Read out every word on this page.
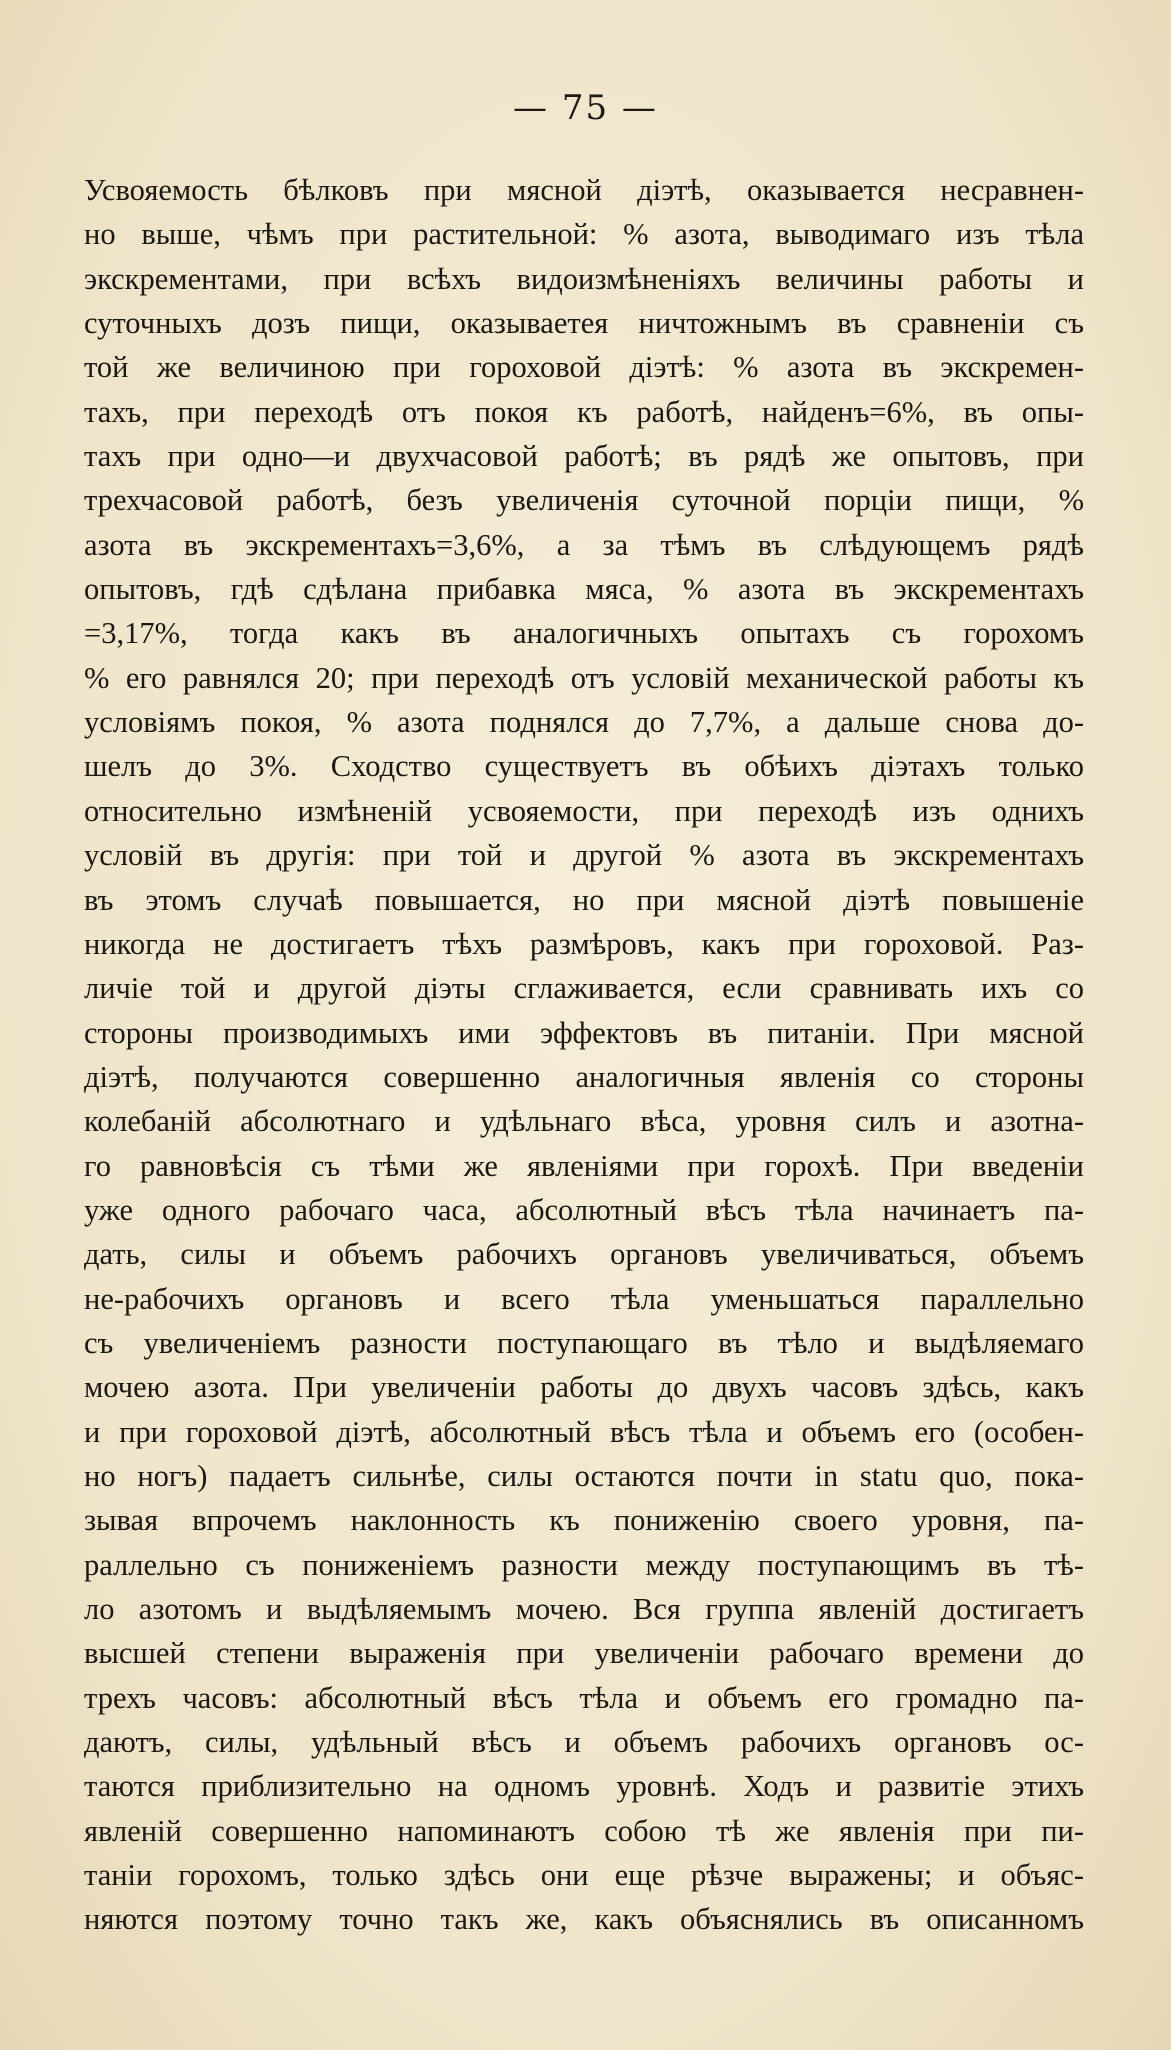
— 75 —
Усвояемость бѣлковъ при мясной діэтѣ, оказывается несравнен-
но выше, чѣмъ при растительной: % азота, выводимаго изъ тѣла
экскрементами, при всѣхъ видоизмѣненіяхъ величины работы и
суточныхъ дозъ пищи, оказываетея ничтожнымъ въ сравненіи съ
той же величиною при гороховой діэтѣ: % азота въ экскремен-
тахъ, при переходѣ отъ покоя къ работѣ, найденъ=6%, въ опы-
тахъ при одно—и двухчасовой работѣ; въ рядѣ же опытовъ, при
трехчасовой работѣ, безъ увеличенія суточной порціи пищи, %
азота въ экскрементахъ=3,6%, а за тѣмъ въ слѣдующемъ рядѣ
опытовъ, гдѣ сдѣлана прибавка мяса, % азота въ экскрементахъ
=3,17%, тогда какъ въ аналогичныхъ опытахъ съ горохомъ
% его равнялся 20; при переходѣ отъ условій механической работы къ
условіямъ покоя, % азота поднялся до 7,7%, а дальше снова до-
шелъ до 3%. Сходство существуетъ въ обѣихъ діэтахъ только
относительно измѣненій усвояемости, при переходѣ изъ однихъ
условій въ другія: при той и другой % азота въ экскрементахъ
въ этомъ случаѣ повышается, но при мясной діэтѣ повышеніе
никогда не достигаетъ тѣхъ размѣровъ, какъ при гороховой. Раз-
личіе той и другой діэты сглаживается, если сравнивать ихъ со
стороны производимыхъ ими эффектовъ въ питаніи. При мясной
діэтѣ, получаются совершенно аналогичныя явленія со стороны
колебаній абсолютнаго и удѣльнаго вѣса, уровня силъ и азотна-
го равновѣсія съ тѣми же явленіями при горохѣ. При введеніи
уже одного рабочаго часа, абсолютный вѣсъ тѣла начинаетъ па-
дать, силы и объемъ рабочихъ органовъ увеличиваться, объемъ
не-рабочихъ органовъ и всего тѣла уменьшаться параллельно
съ увеличеніемъ разности поступающаго въ тѣло и выдѣляемаго
мочею азота. При увеличеніи работы до двухъ часовъ здѣсь, какъ
и при гороховой діэтѣ, абсолютный вѣсъ тѣла и объемъ его (особен-
но ногъ) падаетъ сильнѣе, силы остаются почти in statu quo, пока-
зывая впрочемъ наклонность къ пониженію своего уровня, па-
раллельно съ пониженіемъ разности между поступающимъ въ тѣ-
ло азотомъ и выдѣляемымъ мочею. Вся группа явленій достигаетъ
высшей степени выраженія при увеличеніи рабочаго времени до
трехъ часовъ: абсолютный вѣсъ тѣла и объемъ его громадно па-
даютъ, силы, удѣльный вѣсъ и объемъ рабочихъ органовъ ос-
таются приблизительно на одномъ уровнѣ. Ходъ и развитіе этихъ
явленій совершенно напоминаютъ собою тѣ же явленія при пи-
таніи горохомъ, только здѣсь они еще рѣзче выражены; и объяс-
няются поэтому точно такъ же, какъ объяснялись въ описанномъ
